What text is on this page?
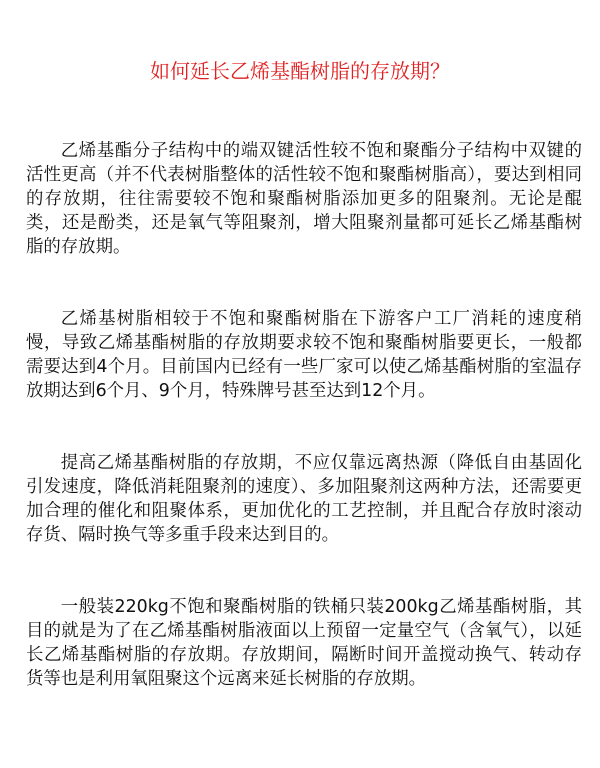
如何延长乙烯基酯树脂的存放期？

乙烯基酯分子结构中的端双键活性较不饱和聚酯分子结构中双键的活性更高（并不代表树脂整体的活性较不饱和聚酯树脂高），要达到相同的存放期，往往需要较不饱和聚酯树脂添加更多的阻聚剂。无论是醌类，还是酚类，还是氧气等阻聚剂，增大阻聚剂量都可延长乙烯基酯树脂的存放期。

乙烯基树脂相较于不饱和聚酯树脂在下游客户工厂消耗的速度稍慢，导致乙烯基酯树脂的存放期要求较不饱和聚酯树脂要更长，一般都需要达到4个月。目前国内已经有一些厂家可以使乙烯基酯树脂的室温存放期达到6个月、9个月，特殊牌号甚至达到12个月。

提高乙烯基酯树脂的存放期，不应仅靠远离热源（降低自由基固化引发速度，降低消耗阻聚剂的速度）、多加阻聚剂这两种方法，还需要更加合理的催化和阻聚体系，更加优化的工艺控制，并且配合存放时滚动存货、隔时换气等多重手段来达到目的。

一般装220kg不饱和聚酯树脂的铁桶只装200kg乙烯基酯树脂，其目的就是为了在乙烯基酯树脂液面以上预留一定量空气（含氧气），以延长乙烯基酯树脂的存放期。存放期间，隔断时间开盖搅动换气、转动存货等也是利用氧阻聚这个远离来延长树脂的存放期。
